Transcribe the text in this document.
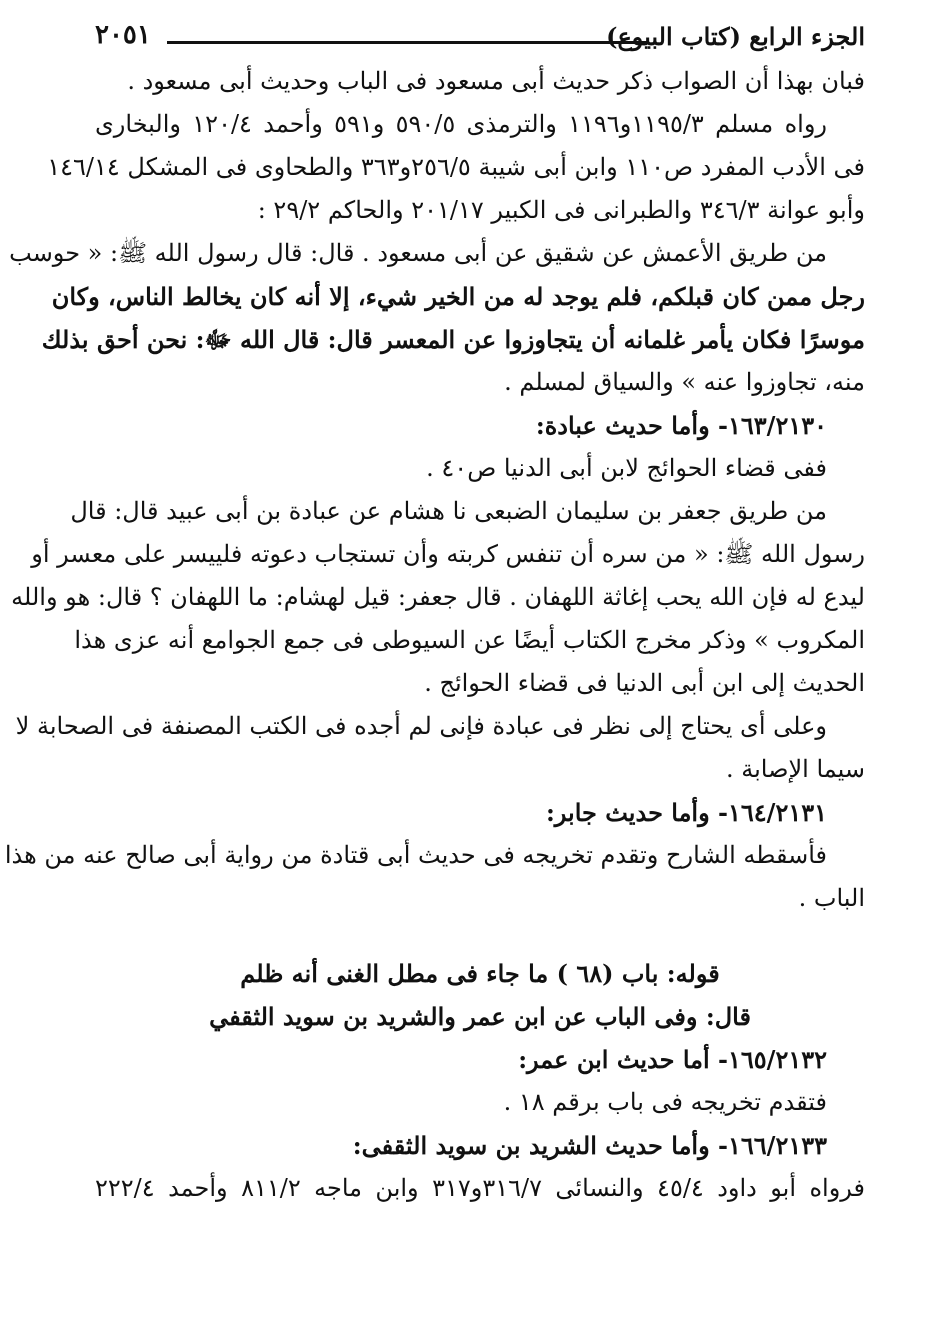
الجزء الرابع (كتاب البيوع)
٢٠٥١
فبان بهذا أن الصواب ذكر حديث أبى مسعود فى الباب وحديث أبى مسعود .
رواه مسلم ١١٩٥/٣و١١٩٦ والترمذى ٥٩٠/٥ و٥٩١ وأحمد ١٢٠/٤ والبخارى
فى الأدب المفرد ص١١٠ وابن أبى شيبة ٢٥٦/٥و٣٦٣ والطحاوى فى المشكل ١٤٦/١٤
وأبو عوانة ٣٤٦/٣ والطبرانى فى الكبير ٢٠١/١٧ والحاكم ٢٩/٢ :
من طريق الأعمش عن شقيق عن أبى مسعود . قال: قال رسول الله ﷺ: « حوسب
رجل ممن كان قبلكم، فلم يوجد له من الخير شيء، إلا أنه كان يخالط الناس، وكان
موسرًا فكان يأمر غلمانه أن يتجاوزوا عن المعسر قال: قال الله ﷻ: نحن أحق بذلك
منه، تجاوزوا عنه » والسياق لمسلم .
١٦٣/٢١٣٠- وأما حديث عبادة:
ففى قضاء الحوائج لابن أبى الدنيا ص٤٠ .
من طريق جعفر بن سليمان الضبعى نا هشام عن عبادة بن أبى عبيد قال: قال
رسول الله ﷺ: « من سره أن تنفس كربته وأن تستجاب دعوته فلييسر على معسر أو
ليدع له فإن الله يحب إغاثة اللهفان . قال جعفر: قيل لهشام: ما اللهفان ؟ قال: هو والله
المكروب » وذكر مخرج الكتاب أيضًا عن السيوطى فى جمع الجوامع أنه عزى هذا
الحديث إلى ابن أبى الدنيا فى قضاء الحوائج .
وعلى أى يحتاج إلى نظر فى عبادة فإنى لم أجده فى الكتب المصنفة فى الصحابة لا
سيما الإصابة .
١٦٤/٢١٣١- وأما حديث جابر:
فأسقطه الشارح وتقدم تخريجه فى حديث أبى قتادة من رواية أبى صالح عنه من هذا
الباب .
قوله: باب (٦٨ ) ما جاء فى مطل الغنى أنه ظلم
قال: وفى الباب عن ابن عمر والشريد بن سويد الثقفي
١٦٥/٢١٣٢- أما حديث ابن عمر:
فتقدم تخريجه فى باب برقم ١٨ .
١٦٦/٢١٣٣- وأما حديث الشريد بن سويد الثقفى:
فرواه أبو داود ٤٥/٤ والنسائى ٣١٦/٧و٣١٧ وابن ماجه ٨١١/٢ وأحمد ٢٢٢/٤
